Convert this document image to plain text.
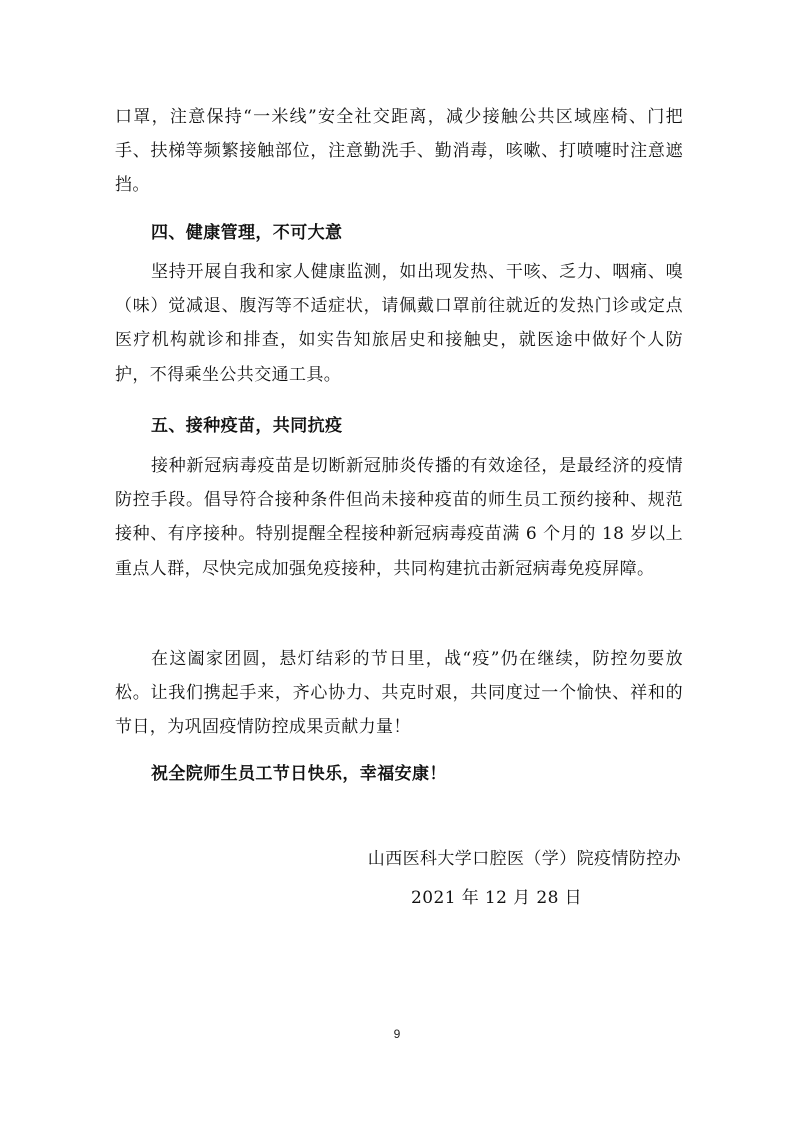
口罩，注意保持“一米线”安全社交距离，减少接触公共区域座椅、门把手、扶梯等频繁接触部位，注意勤洗手、勤消毒，咳嗽、打喷嚏时注意遮挡。

四、健康管理，不可大意

坚持开展自我和家人健康监测，如出现发热、干咳、乏力、咽痛、嗅（味）觉减退、腹泻等不适症状，请佩戴口罩前往就近的发热门诊或定点医疗机构就诊和排查，如实告知旅居史和接触史，就医途中做好个人防护，不得乘坐公共交通工具。

五、接种疫苗，共同抗疫

接种新冠病毒疫苗是切断新冠肺炎传播的有效途径，是最经济的疫情防控手段。倡导符合接种条件但尚未接种疫苗的师生员工预约接种、规范接种、有序接种。特别提醒全程接种新冠病毒疫苗满 6 个月的 18 岁以上重点人群，尽快完成加强免疫接种，共同构建抗击新冠病毒免疫屏障。

在这阖家团圆，悬灯结彩的节日里，战“疫”仍在继续，防控勿要放松。让我们携起手来，齐心协力、共克时艰，共同度过一个愉快、祥和的节日，为巩固疫情防控成果贡献力量！

祝全院师生员工节日快乐，幸福安康！

山西医科大学口腔医（学）院疫情防控办

2021 年 12 月 28 日

9
